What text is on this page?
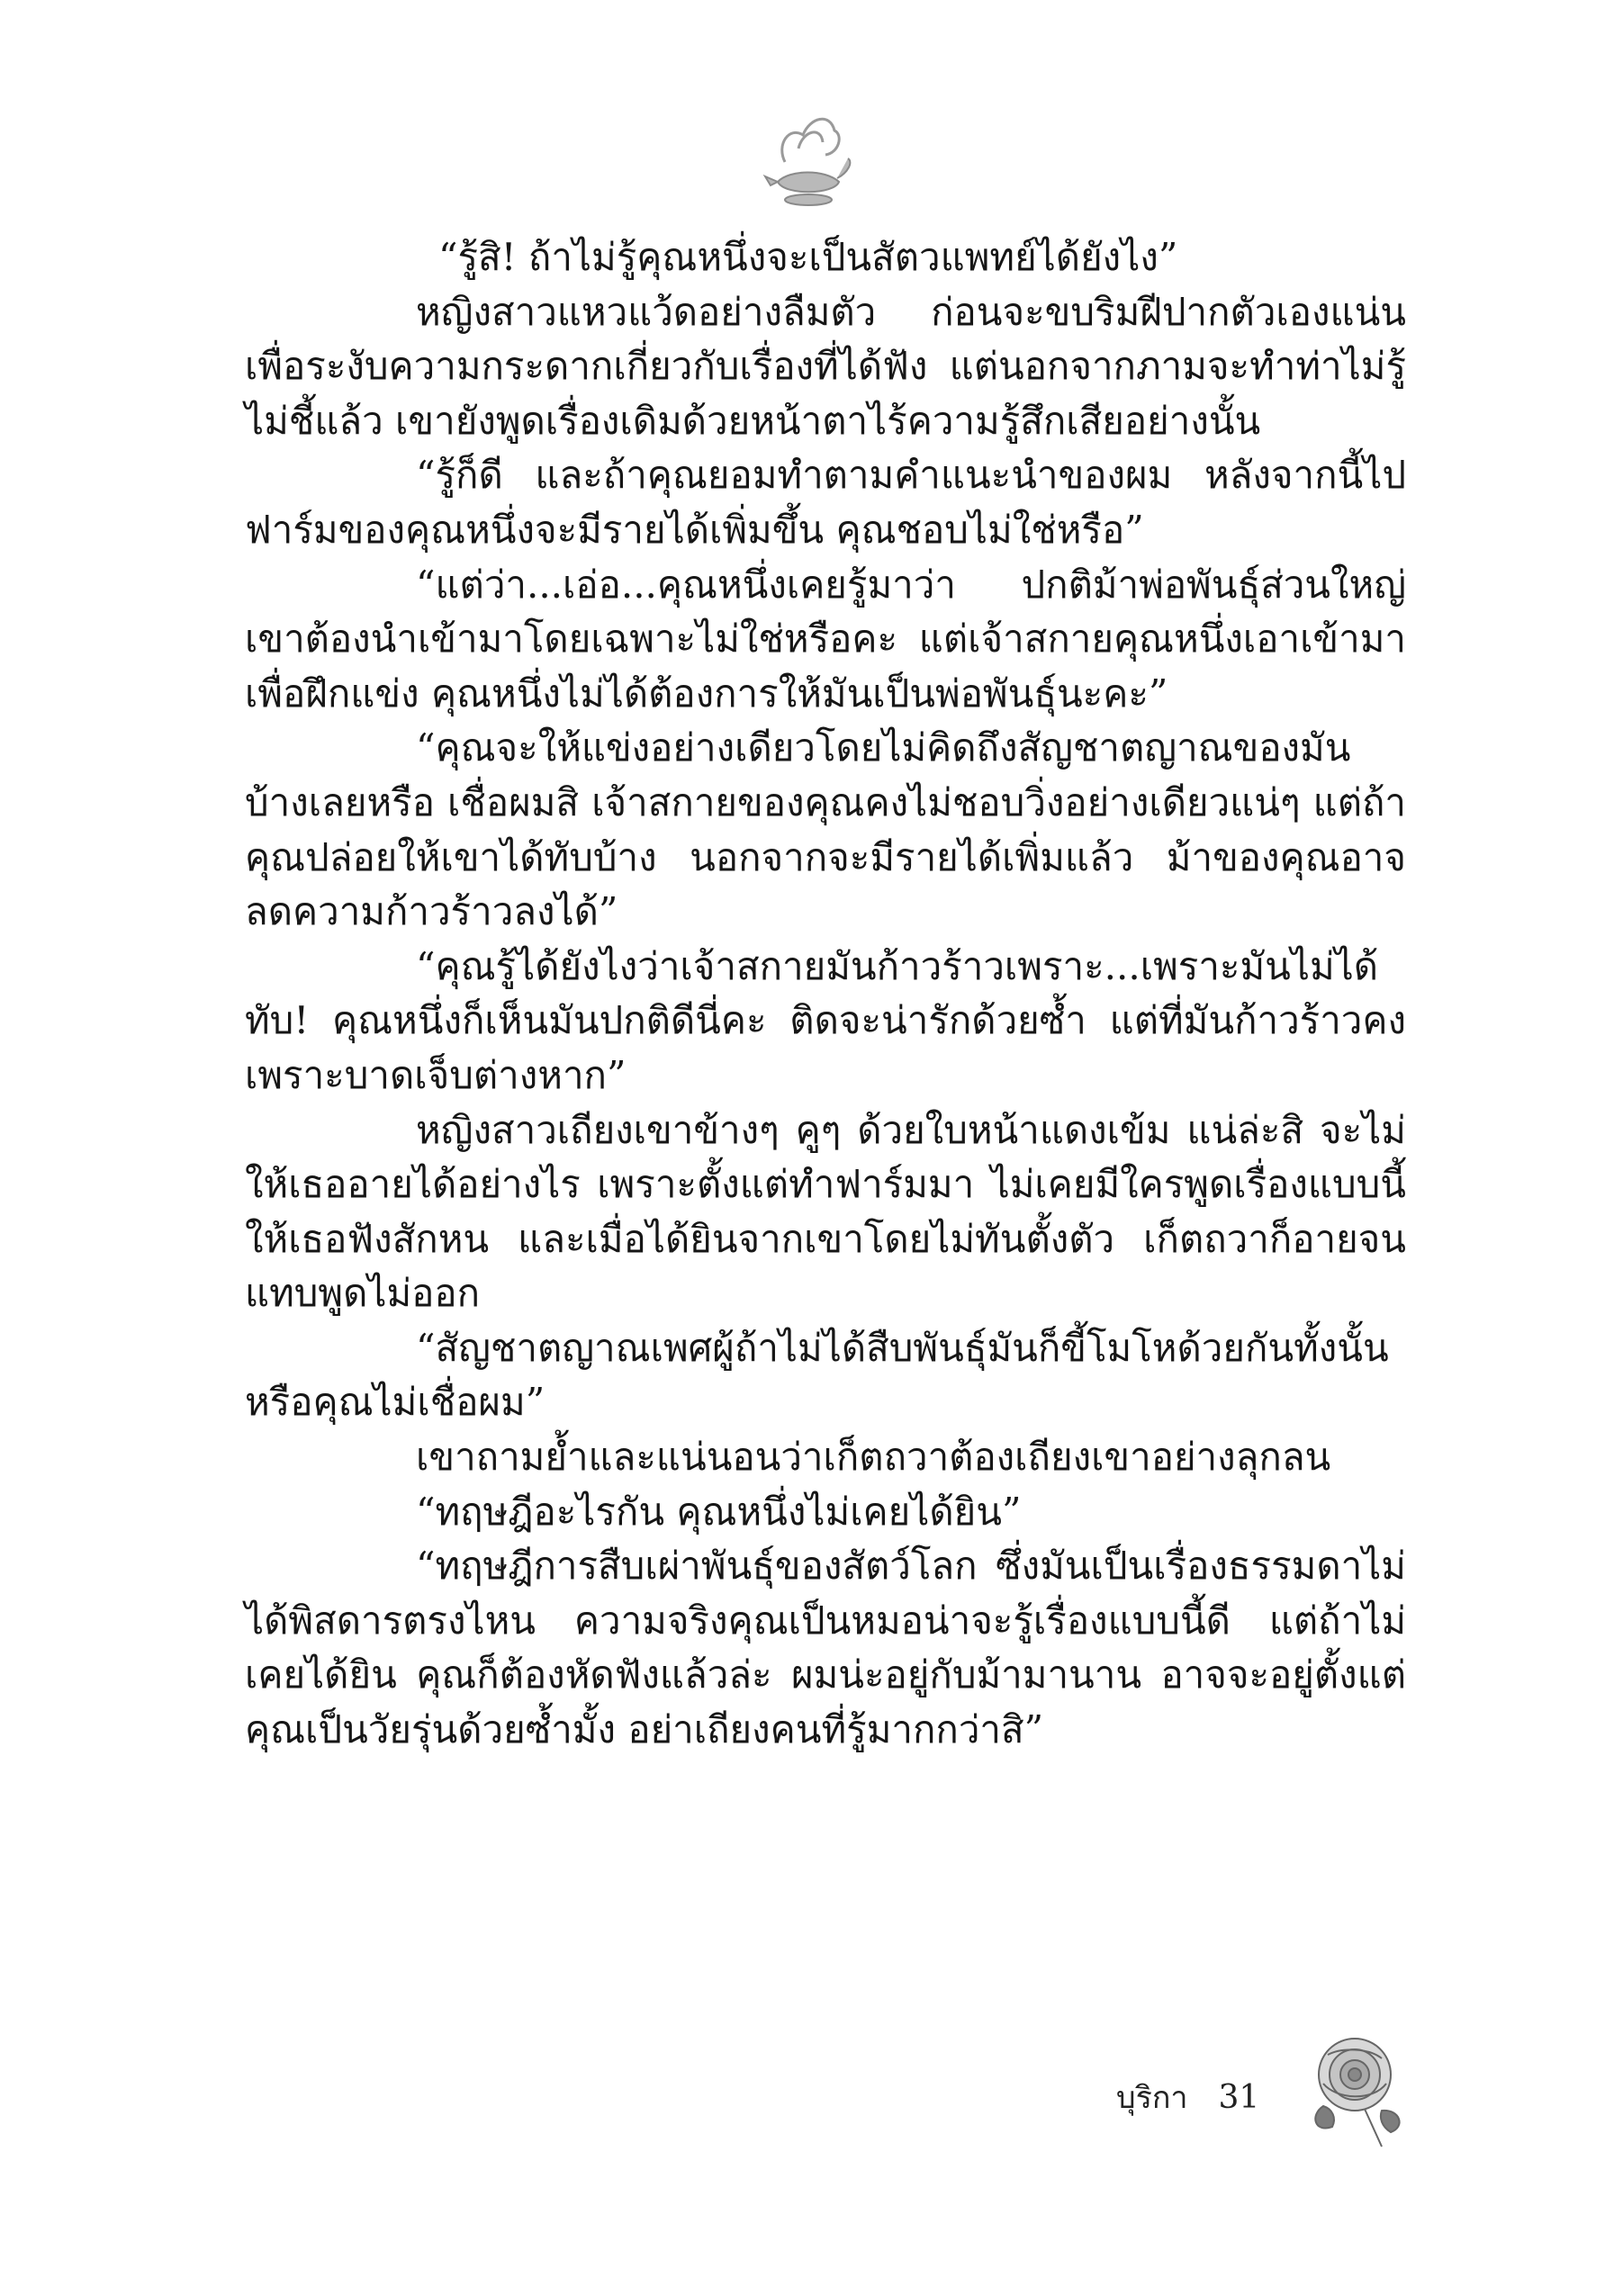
“รู้สิ! ถ้าไม่รู้คุณหนึ่งจะเป็นสัตวแพทย์ได้ยังไง”

หญิงสาวแหวแว้ดอย่างลืมตัว ก่อนจะขบริมฝีปากตัวเองแน่นเพื่อระงับความกระดากเกี่ยวกับเรื่องที่ได้ฟัง แต่นอกจากภามจะทำท่าไม่รู้ไม่ชี้แล้ว เขายังพูดเรื่องเดิมด้วยหน้าตาไร้ความรู้สึกเสียอย่างนั้น

“รู้ก็ดี และถ้าคุณยอมทำตามคำแนะนำของผม หลังจากนี้ไปฟาร์มของคุณหนึ่งจะมีรายได้เพิ่มขึ้น คุณชอบไม่ใช่หรือ”

“แต่ว่า...เอ่อ...คุณหนึ่งเคยรู้มาว่า ปกติม้าพ่อพันธุ์ส่วนใหญ่เขาต้องนำเข้ามาโดยเฉพาะไม่ใช่หรือคะ แต่เจ้าสกายคุณหนึ่งเอาเข้ามาเพื่อฝึกแข่ง คุณหนึ่งไม่ได้ต้องการให้มันเป็นพ่อพันธุ์นะคะ”

“คุณจะให้แข่งอย่างเดียวโดยไม่คิดถึงสัญชาตญาณของมันบ้างเลยหรือ เชื่อผมสิ เจ้าสกายของคุณคงไม่ชอบวิ่งอย่างเดียวแน่ๆ แต่ถ้าคุณปล่อยให้เขาได้ทับบ้าง นอกจากจะมีรายได้เพิ่มแล้ว ม้าของคุณอาจลดความก้าวร้าวลงได้”

“คุณรู้ได้ยังไงว่าเจ้าสกายมันก้าวร้าวเพราะ...เพราะมันไม่ได้ทับ! คุณหนึ่งก็เห็นมันปกติดีนี่คะ ติดจะน่ารักด้วยซ้ำ แต่ที่มันก้าวร้าวคงเพราะบาดเจ็บต่างหาก”

หญิงสาวเถียงเขาข้างๆ คูๆ ด้วยใบหน้าแดงเข้ม แน่ล่ะสิ จะไม่ให้เธออายได้อย่างไร เพราะตั้งแต่ทำฟาร์มมา ไม่เคยมีใครพูดเรื่องแบบนี้ให้เธอฟังสักหน และเมื่อได้ยินจากเขาโดยไม่ทันตั้งตัว เก็ตถวาก็อายจนแทบพูดไม่ออก

“สัญชาตญาณเพศผู้ถ้าไม่ได้สืบพันธุ์มันก็ขี้โมโหด้วยกันทั้งนั้นหรือคุณไม่เชื่อผม”

เขาถามย้ำและแน่นอนว่าเก็ตถวาต้องเถียงเขาอย่างลุกลน

“ทฤษฎีอะไรกัน คุณหนึ่งไม่เคยได้ยิน”

“ทฤษฎีการสืบเผ่าพันธุ์ของสัตว์โลก ซึ่งมันเป็นเรื่องธรรมดาไม่ได้พิสดารตรงไหน ความจริงคุณเป็นหมอน่าจะรู้เรื่องแบบนี้ดี แต่ถ้าไม่เคยได้ยิน คุณก็ต้องหัดฟังแล้วล่ะ ผมน่ะอยู่กับม้ามานาน อาจจะอยู่ตั้งแต่คุณเป็นวัยรุ่นด้วยซ้ำมั้ง อย่าเถียงคนที่รู้มากกว่าสิ”

บุริกา 31
